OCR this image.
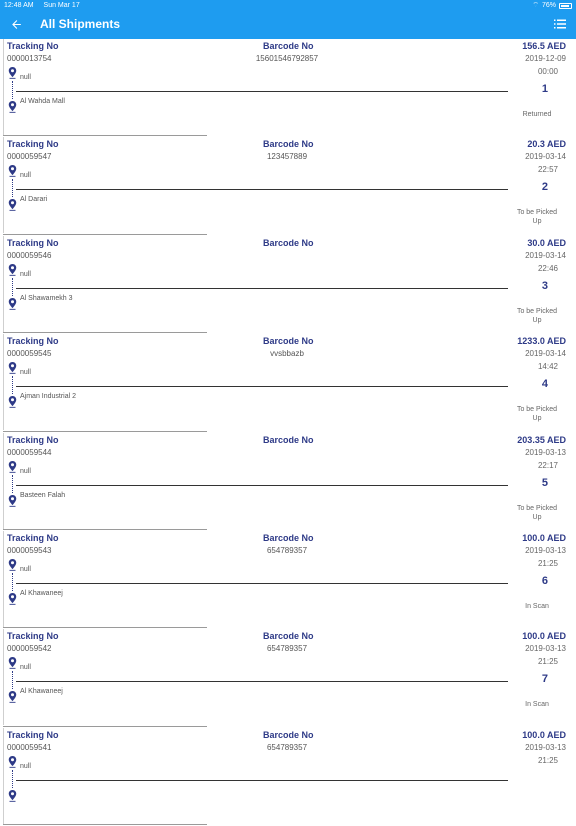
12:48 AM Sun Mar 17	⌔ 76%
All Shipments
Tracking No
0000013754
Barcode No
15601546792857
156.5 AED
2019-12-09
00:00
1
Returned
null
Al Wahda Mall
Tracking No
0000059547
Barcode No
123457889
20.3 AED
2019-03-14
22:57
2
To be Picked Up
null
Al Darari
Tracking No
0000059546
Barcode No	30.0 AED
2019-03-14
22:46
3
To be Picked Up
null
Al Shawamekh 3
Tracking No
0000059545
Barcode No
vvsbbazb
1233.0 AED
2019-03-14
14:42
4
To be Picked Up
null
Ajman Industrial 2
Tracking No
0000059544
Barcode No	203.35 AED
2019-03-13
22:17
5
To be Picked Up
null
Basteen Falah
Tracking No
0000059543
Barcode No
654789357
100.0 AED
2019-03-13
21:25
6
In Scan
null
Al Khawaneej
Tracking No
0000059542
Barcode No
654789357
100.0 AED
2019-03-13
21:25
7
In Scan
null
Al Khawaneej
Tracking No
0000059541
Barcode No
654789357
100.0 AED
2019-03-13
21:25
null
